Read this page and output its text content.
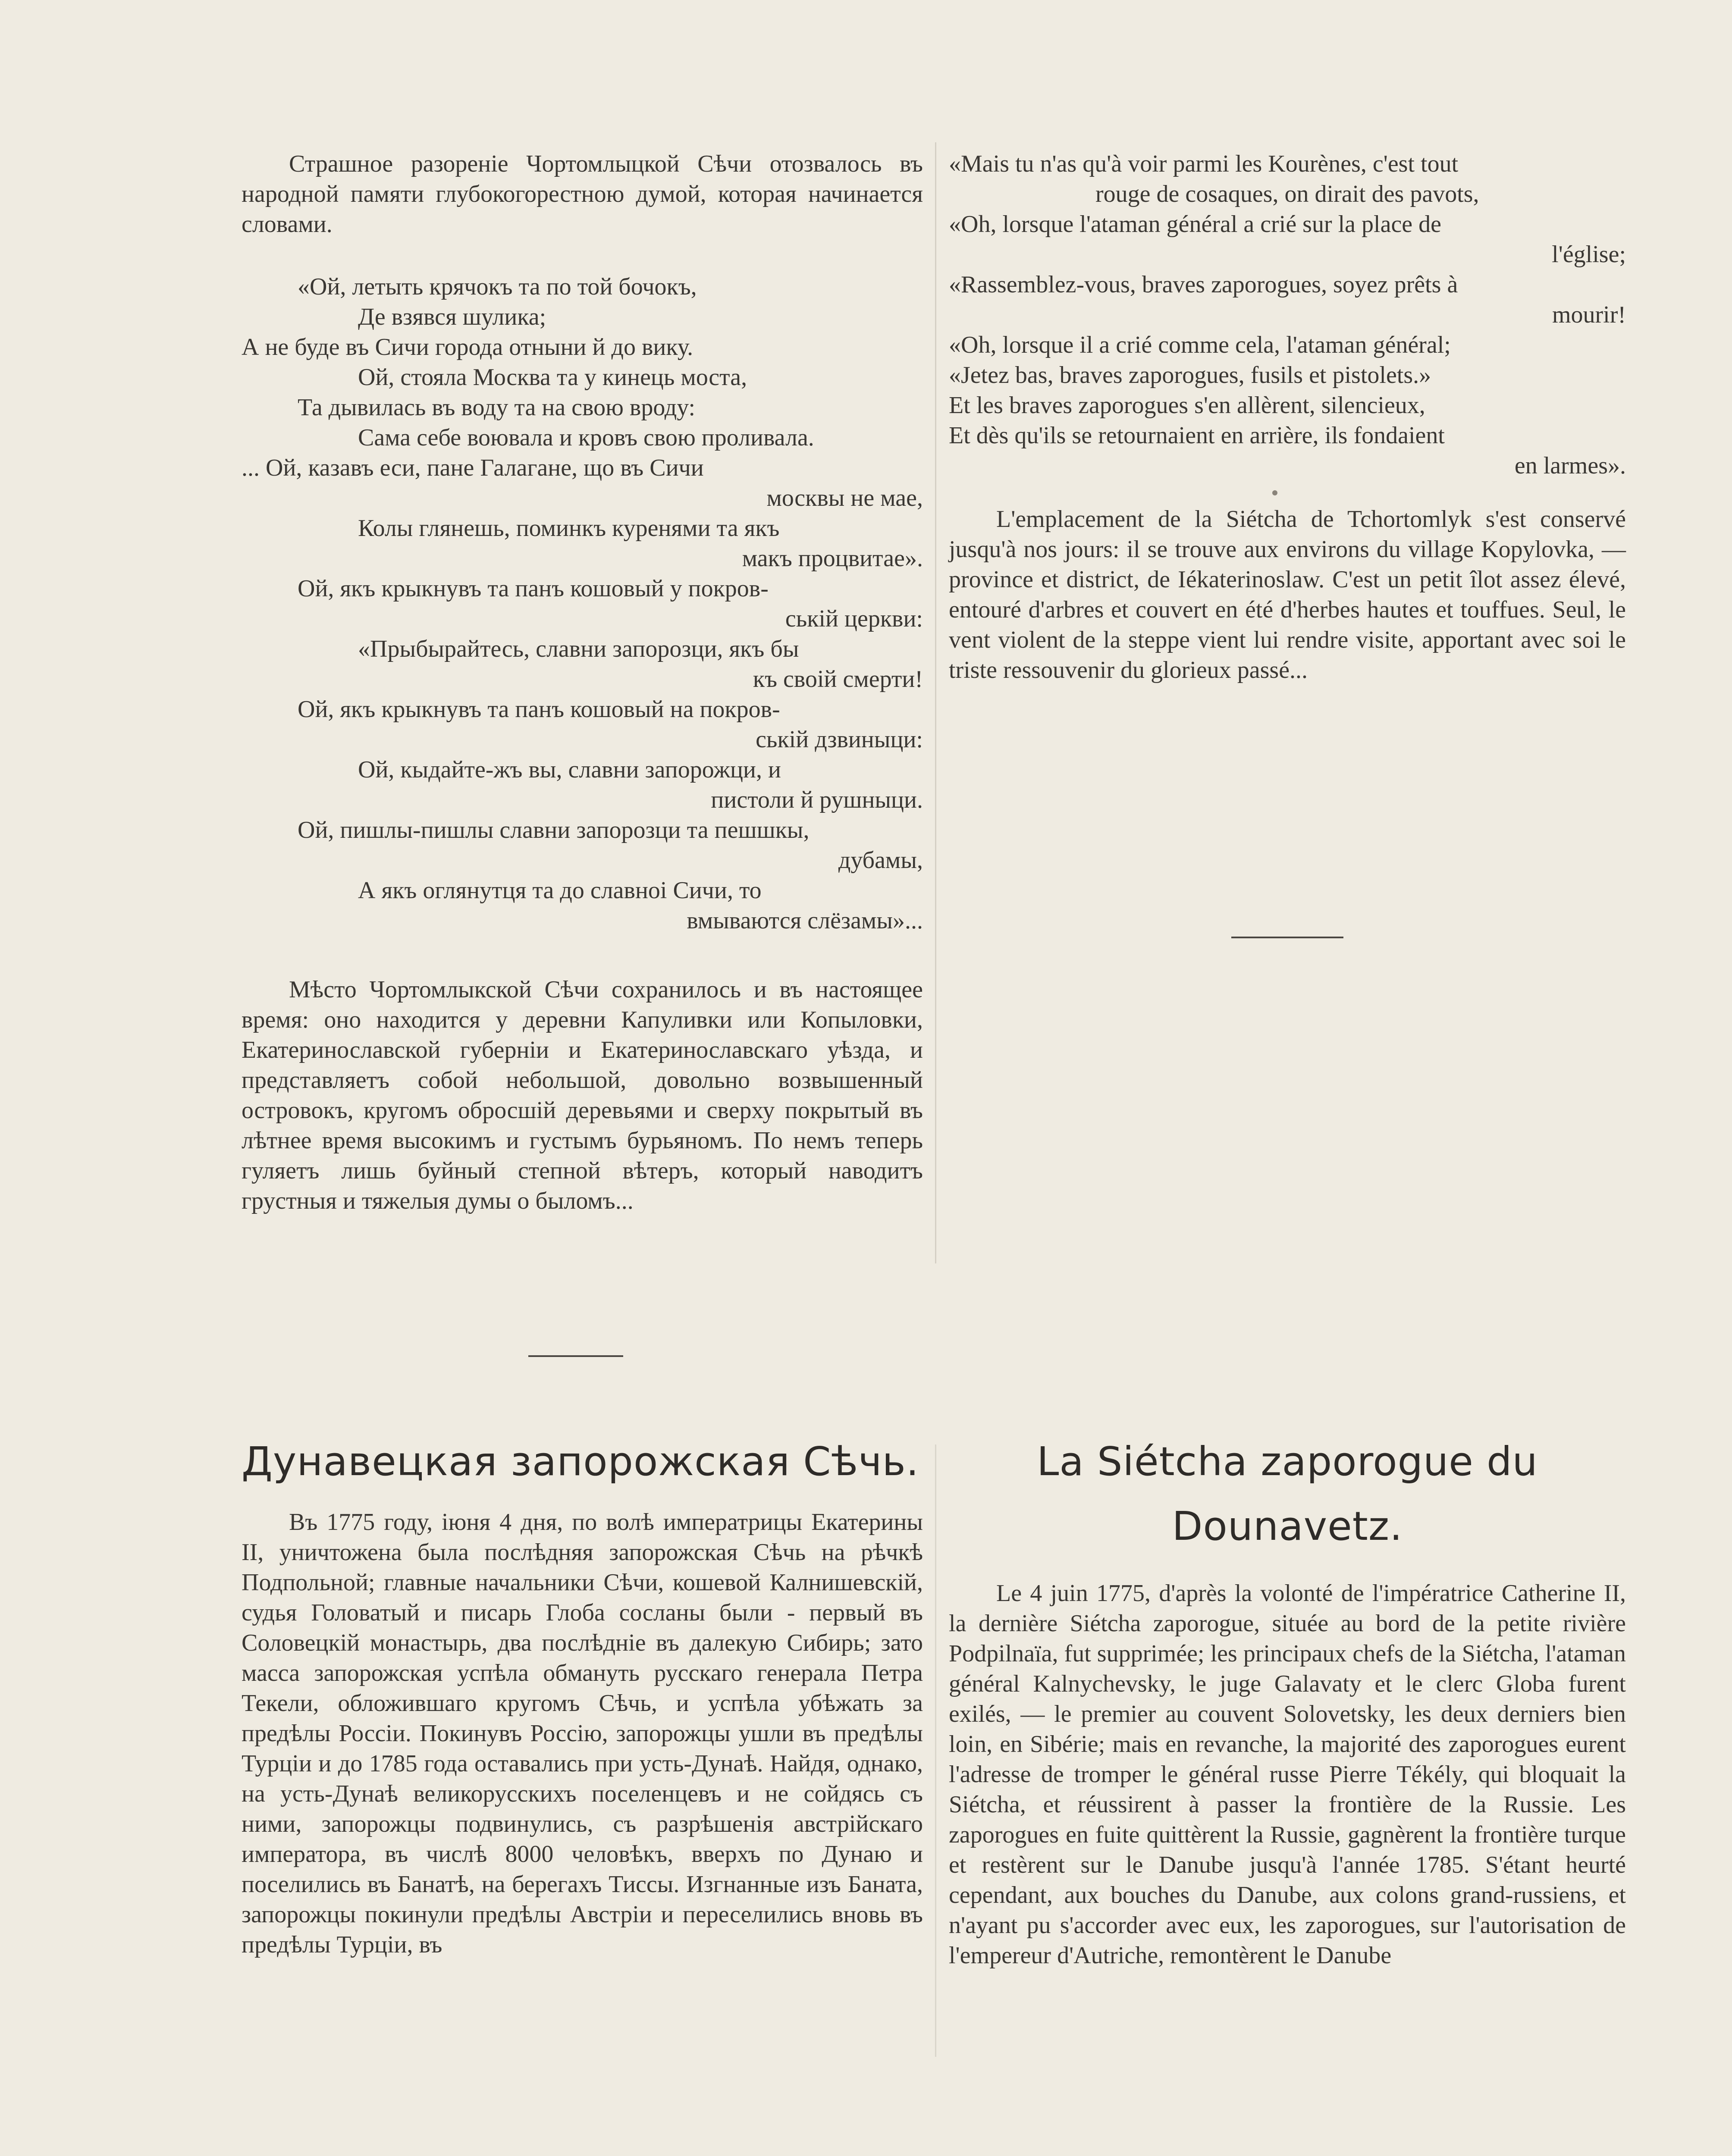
Страшное разоренiе Чортомлыцкой Сѣчи отозвалось въ народной памяти глубокогорестною думой, которая начинается словами.

«Ой, летыть крячокъ та по той бочокъ,
Де взявся шулика;
А не буде въ Сичи города отныни й до вику.
Ой, стояла Москва та у кинець моста,
Та дывилась въ воду та на свою вроду:
Сама себе воювала и кровъ свою проливала.
... Ой, казавъ еси, пане Галагане, що въ Сичи
москвы не мае,
Колы глянешь, поминкъ куренями та якъ
макъ процвитае».
Ой, якъ крыкнувъ та панъ кошовый у покров-
ськiй церкви:
«Прыбырайтесь, славни запорозци, якъ бы
къ своiй смерти!
Ой, якъ крыкнувъ та панъ кошовый на покров-
ськiй дзвиныци:
Ой, кыдайте-жъ вы, славни запорожци, и
пистоли й рушныци.
Ой, пишлы-пишлы славни запорозци та пешшкы,
дубамы,
А якъ оглянутця та до славноi Сичи, то
вмываются слёзамы»...

Мѣсто Чортомлыкской Сѣчи сохранилось и въ настоящее время: оно находится у деревни Капуливки или Копыловки, Екатеринославской губернiи и Екатеринославскаго уѣзда, и представляетъ собой небольшой, довольно возвышенный островокъ, кругомъ обросшiй деревьями и сверху покрытый въ лѣтнее время высокимъ и густымъ бурьяномъ. По немъ теперь гуляетъ лишь буйный степной вѣтеръ, который наводитъ грустныя и тяжелыя думы о быломъ...

«Mais tu n'as qu'à voir parmi les Kourènes, c'est tout
rouge de cosaques, on dirait des pavots,
«Oh, lorsque l'ataman général a crié sur la place de
l'église;
«Rassemblez-vous, braves zaporogues, soyez prêts à
mourir!
«Oh, lorsque il a crié comme cela, l'ataman général;
«Jetez bas, braves zaporogues, fusils et pistolets.»
Et les braves zaporogues s'en allèrent, silencieux,
Et dès qu'ils se retournaient en arrière, ils fondaient
en larmes».

L'emplacement de la Siétcha de Tchortomlyk s'est conservé jusqu'à nos jours: il se trouve aux environs du village Kopylovka, — province et district, de Iékaterinoslaw. C'est un petit îlot assez élevé, entouré d'arbres et couvert en été d'herbes hautes et touffues. Seul, le vent violent de la steppe vient lui rendre visite, apportant avec soi le triste ressouvenir du glorieux passé...

Дунавецкая запорожская Сѣчь.

Въ 1775 году, iюня 4 дня, по волѣ императрицы Екатерины II, уничтожена была послѣдняя запорожская Сѣчь на рѣчкѣ Подпольной; главные начальники Сѣчи, кошевой Калнишевскiй, судья Головатый и писарь Глоба сосланы были - первый въ Соловецкiй монастырь, два послѣднiе въ далекую Сибирь; зато масса запорожская успѣла обмануть русскаго генерала Петра Текели, обложившаго кругомъ Сѣчь, и успѣла убѣжать за предѣлы Россiи. Покинувъ Россiю, запорожцы ушли въ предѣлы Турцiи и до 1785 года оставались при усть-Дунаѣ. Найдя, однако, на усть-Дунаѣ великорусскихъ поселенцевъ и не сойдясь съ ними, запорожцы подвинулись, съ разрѣшенiя австрiйскаго императора, въ числѣ 8000 человѣкъ, вверхъ по Дунаю и поселились въ Банатѣ, на берегахъ Тиссы. Изгнанные изъ Баната, запорожцы покинули предѣлы Австрiи и переселились вновь въ предѣлы Турцiи, въ

La Siétcha zaporogue du
Dounavetz.

Le 4 juin 1775, d'après la volonté de l'impératrice Catherine II, la dernière Siétcha zaporogue, située au bord de la petite rivière Podpilnaïa, fut supprimée; les principaux chefs de la Siétcha, l'ataman général Kalnychevsky, le juge Galavaty et le clerc Globa furent exilés, — le premier au couvent Solovetsky, les deux derniers bien loin, en Sibérie; mais en revanche, la majorité des zaporogues eurent l'adresse de tromper le général russe Pierre Tékély, qui bloquait la Siétcha, et réussirent à passer la frontière de la Russie. Les zaporogues en fuite quittèrent la Russie, gagnèrent la frontière turque et restèrent sur le Danube jusqu'à l'année 1785. S'étant heurté cependant, aux bouches du Danube, aux colons grand-russiens, et n'ayant pu s'accorder avec eux, les zaporogues, sur l'autorisation de l'empereur d'Autriche, remontèrent le Danube
